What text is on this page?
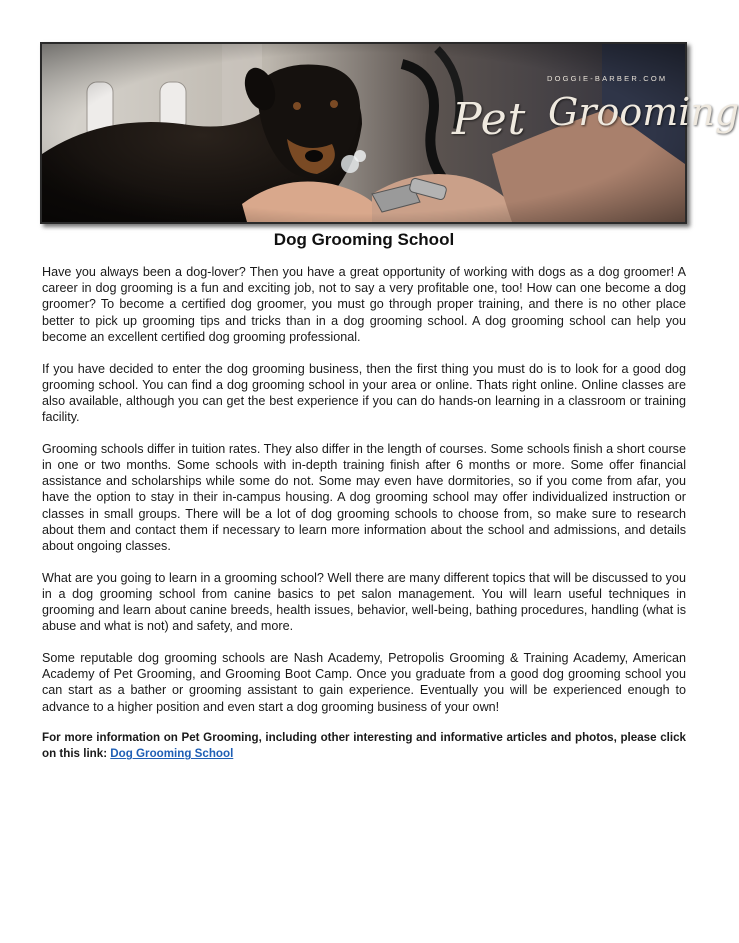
DOGGIE-BARBER.COM
Pet Grooming
Dog Grooming School

Have you always been a dog-lover? Then you have a great opportunity of working with dogs as a dog groomer! A career in dog grooming is a fun and exciting job, not to say a very profitable one, too! How can one become a dog groomer? To become a certified dog groomer, you must go through proper training, and there is no other place better to pick up grooming tips and tricks than in a dog grooming school. A dog grooming school can help you become an excellent certified dog grooming professional.

If you have decided to enter the dog grooming business, then the first thing you must do is to look for a good dog grooming school. You can find a dog grooming school in your area or online. Thats right online. Online classes are also available, although you can get the best experience if you can do hands-on learning in a classroom or training facility.

Grooming schools differ in tuition rates. They also differ in the length of courses. Some schools finish a short course in one or two months. Some schools with in-depth training finish after 6 months or more. Some offer financial assistance and scholarships while some do not. Some may even have dormitories, so if you come from afar, you have the option to stay in their in-campus housing. A dog grooming school may offer individualized instruction or classes in small groups. There will be a lot of dog grooming schools to choose from, so make sure to research about them and contact them if necessary to learn more information about the school and admissions, and details about ongoing classes.

What are you going to learn in a grooming school? Well there are many different topics that will be discussed to you in a dog grooming school from canine basics to pet salon management. You will learn useful techniques in grooming and learn about canine breeds, health issues, behavior, well-being, bathing procedures, handling (what is abuse and what is not) and safety, and more.

Some reputable dog grooming schools are Nash Academy, Petropolis Grooming & Training Academy, American Academy of Pet Grooming, and Grooming Boot Camp. Once you graduate from a good dog grooming school you can start as a bather or grooming assistant to gain experience. Eventually you will be experienced enough to advance to a higher position and even start a dog grooming business of your own!

For more information on Pet Grooming, including other interesting and informative articles and photos, please click on this link: Dog Grooming School
